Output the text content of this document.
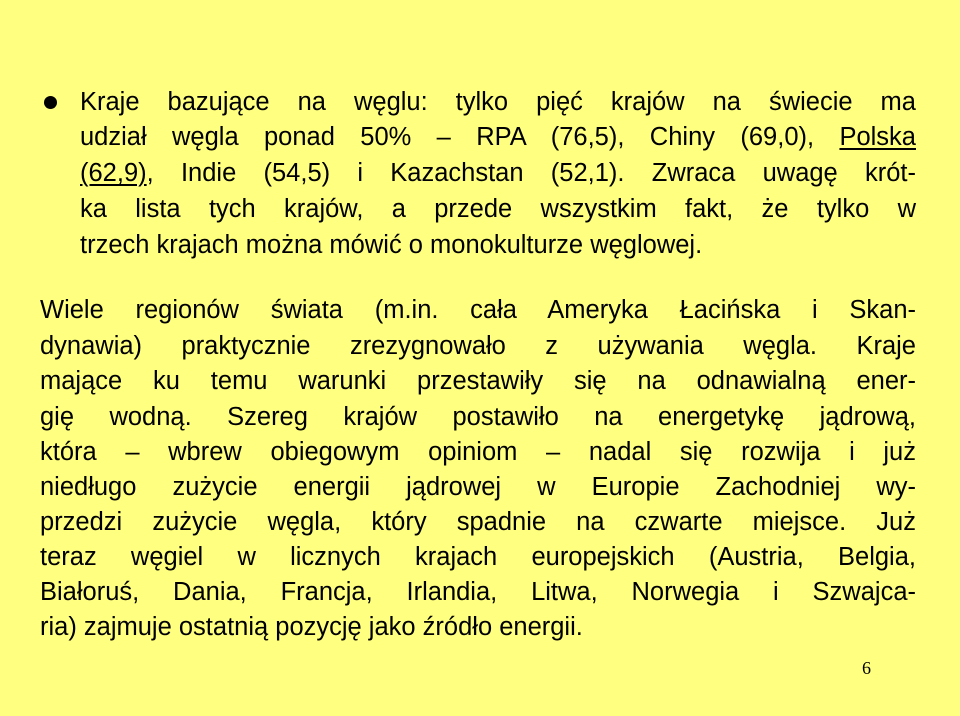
Kraje bazujące na węglu: tylko pięć krajów na świecie ma
udział węgla ponad 50% – RPA (76,5), Chiny (69,0), Polska
(62,9), Indie (54,5) i Kazachstan (52,1). Zwraca uwagę krót-
ka lista tych krajów, a przede wszystkim fakt, że tylko w
trzech krajach można mówić o monokulturze węglowej.
Wiele regionów świata (m.in. cała Ameryka Łacińska i Skan-
dynawia) praktycznie zrezygnowało z używania węgla. Kraje
mające ku temu warunki przestawiły się na odnawialną ener-
gię wodną. Szereg krajów postawiło na energetykę jądrową,
która – wbrew obiegowym opiniom – nadal się rozwija i już
niedługo zużycie energii jądrowej w Europie Zachodniej wy-
przedzi zużycie węgla, który spadnie na czwarte miejsce. Już
teraz węgiel w licznych krajach europejskich (Austria, Belgia,
Białoruś, Dania, Francja, Irlandia, Litwa, Norwegia i Szwajca-
ria) zajmuje ostatnią pozycję jako źródło energii.
6
